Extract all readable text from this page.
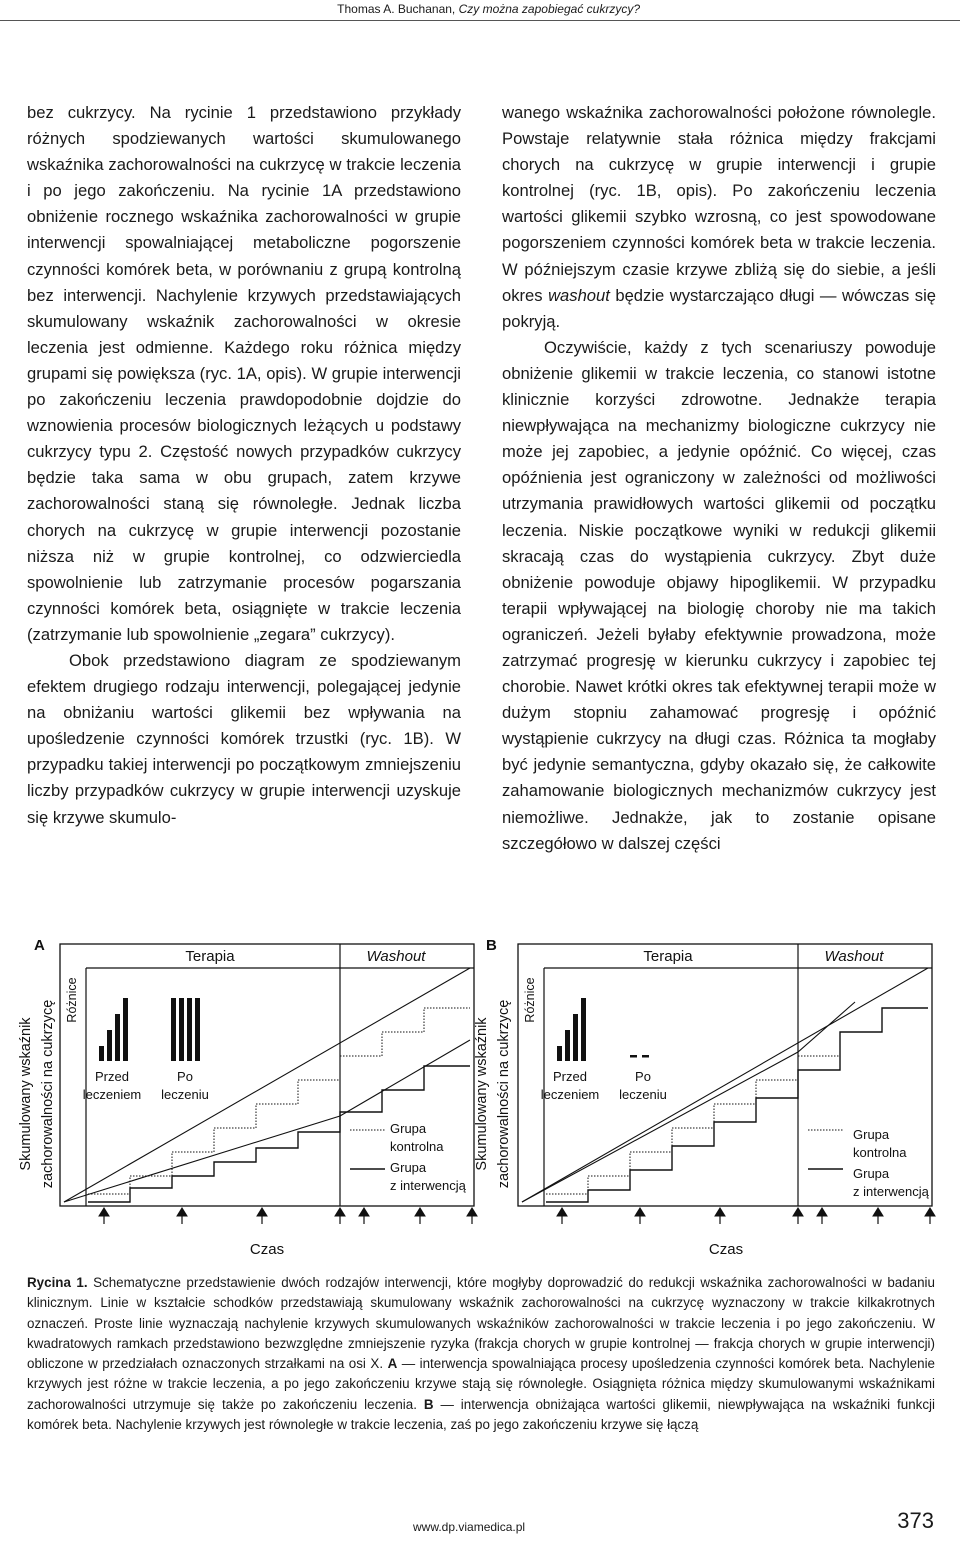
Thomas A. Buchanan, Czy można zapobiegać cukrzycy?

bez cukrzycy. Na rycinie 1 przedstawiono przykłady różnych spodziewanych wartości skumulowanego wskaźnika zachorowalności na cukrzycę w trakcie leczenia i po jego zakończeniu. Na rycinie 1A przedstawiono obniżenie rocznego wskaźnika zachorowalności w grupie interwencji spowalniającej metaboliczne pogorszenie czynności komórek beta, w porównaniu z grupą kontrolną bez interwencji. Nachylenie krzywych przedstawiających skumulowany wskaźnik zachorowalności w okresie leczenia jest odmienne. Każdego roku różnica między grupami się powiększa (ryc. 1A, opis). W grupie interwencji po zakończeniu leczenia prawdopodobnie dojdzie do wznowienia procesów biologicznych leżących u podstawy cukrzycy typu 2. Częstość nowych przypadków cukrzycy będzie taka sama w obu grupach, zatem krzywe zachorowalności staną się równoległe. Jednak liczba chorych na cukrzycę w grupie interwencji pozostanie niższa niż w grupie kontrolnej, co odzwierciedla spowolnienie lub zatrzymanie procesów pogarszania czynności komórek beta, osiągnięte w trakcie leczenia (zatrzymanie lub spowolnienie „zegara” cukrzycy).

Obok przedstawiono diagram ze spodziewanym efektem drugiego rodzaju interwencji, polegającej jedynie na obniżaniu wartości glikemii bez wpływania na upośledzenie czynności komórek trzustki (ryc. 1B). W przypadku takiej interwencji po początkowym zmniejszeniu liczby przypadków cukrzycy w grupie interwencji uzyskuje się krzywe skumulo-

wanego wskaźnika zachorowalności położone równolegle. Powstaje relatywnie stała różnica między frakcjami chorych na cukrzycę w grupie interwencji i grupie kontrolnej (ryc. 1B, opis). Po zakończeniu leczenia wartości glikemii szybko wzrosną, co jest spowodowane pogorszeniem czynności komórek beta w trakcie leczenia. W późniejszym czasie krzywe zbliżą się do siebie, a jeśli okres washout będzie wystarczająco długi — wówczas się pokryją.

Oczywiście, każdy z tych scenariuszy powoduje obniżenie glikemii w trakcie leczenia, co stanowi istotne klinicznie korzyści zdrowotne. Jednakże terapia niewpływająca na mechanizmy biologiczne cukrzycy nie może jej zapobiec, a jedynie opóźnić. Co więcej, czas opóźnienia jest ograniczony w zależności od możliwości utrzymania prawidłowych wartości glikemii od początku leczenia. Niskie początkowe wyniki w redukcji glikemii skracają czas do wystąpienia cukrzycy. Zbyt duże obniżenie powoduje objawy hipoglikemii. W przypadku terapii wpływającej na biologię choroby nie ma takich ograniczeń. Jeżeli byłaby efektywnie prowadzona, może zatrzymać progresję w kierunku cukrzycy i zapobiec tej chorobie. Nawet krótki okres tak efektywnej terapii może w dużym stopniu zahamować progresję i opóźnić wystąpienie cukrzycy na długi czas. Różnica ta mogłaby być jedynie semantyczna, gdyby okazało się, że całkowite zahamowanie biologicznych mechanizmów cukrzycy jest niemożliwe. Jednakże, jak to zostanie opisane szczegółowo w dalszej części

A
Skumulowany wskaźnik zachorowalności na cukrzycę
Terapia	Washout
Różnice
Przed
leczeniem
Po
leczeniu
Grupa
kontrolna
Grupa
z interwencją
Czas
B
Skumulowany wskaźnik zachorowalności na cukrzycę
Terapia	Washout
Różnice
Przed
leczeniem
Po
leczeniu
Grupa
kontrolna
Grupa
z interwencją
Czas
Rycina 1. Schematyczne przedstawienie dwóch rodzajów interwencji, które mogłyby doprowadzić do redukcji wskaźnika zachorowalności w badaniu klinicznym. Linie w kształcie schodków przedstawiają skumulowany wskaźnik zachorowalności na cukrzycę wyznaczony w trakcie kilkakrotnych oznaczeń. Proste linie wyznaczają nachylenie krzywych skumulowanych wskaźników zachorowalności w trakcie leczenia i po jego zakończeniu. W kwadratowych ramkach przedstawiono bezwzględne zmniejszenie ryzyka (frakcja chorych w grupie kontrolnej — frakcja chorych w grupie interwencji) obliczone w przedziałach oznaczonych strzałkami na osi X. A — interwencja spowalniająca procesy upośledzenia czynności komórek beta. Nachylenie krzywych jest różne w trakcie leczenia, a po jego zakończeniu krzywe stają się równoległe. Osiągnięta różnica między skumulowanymi wskaźnikami zachorowalności utrzymuje się także po zakończeniu leczenia. B — interwencja obniżająca wartości glikemii, niewpływająca na wskaźniki funkcji komórek beta. Nachylenie krzywych jest równoległe w trakcie leczenia, zaś po jego zakończeniu krzywe się łączą
www.dp.viamedica.pl	373
